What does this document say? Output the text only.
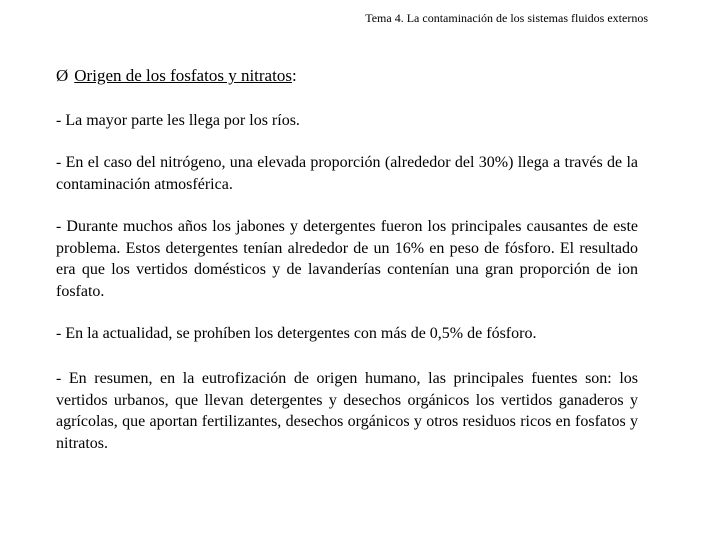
Tema 4. La contaminación de los sistemas fluidos externos
Ø Origen de los fosfatos y nitratos:

- La mayor parte les llega por los ríos.

- En el caso del nitrógeno, una elevada proporción (alrededor del 30%) llega a través de la contaminación atmosférica.

- Durante muchos años los jabones y detergentes fueron los principales causantes de este problema. Estos detergentes tenían alrededor de un 16% en peso de fósforo. El resultado era que los vertidos domésticos y de lavanderías contenían una gran proporción de ion fosfato.

- En la actualidad, se prohíben los detergentes con más de 0,5% de fósforo.

- En resumen, en la eutrofización de origen humano, las principales fuentes son: los vertidos urbanos, que llevan detergentes y desechos orgánicos los vertidos ganaderos y agrícolas, que aportan fertilizantes, desechos orgánicos y otros residuos ricos en fosfatos y nitratos.
